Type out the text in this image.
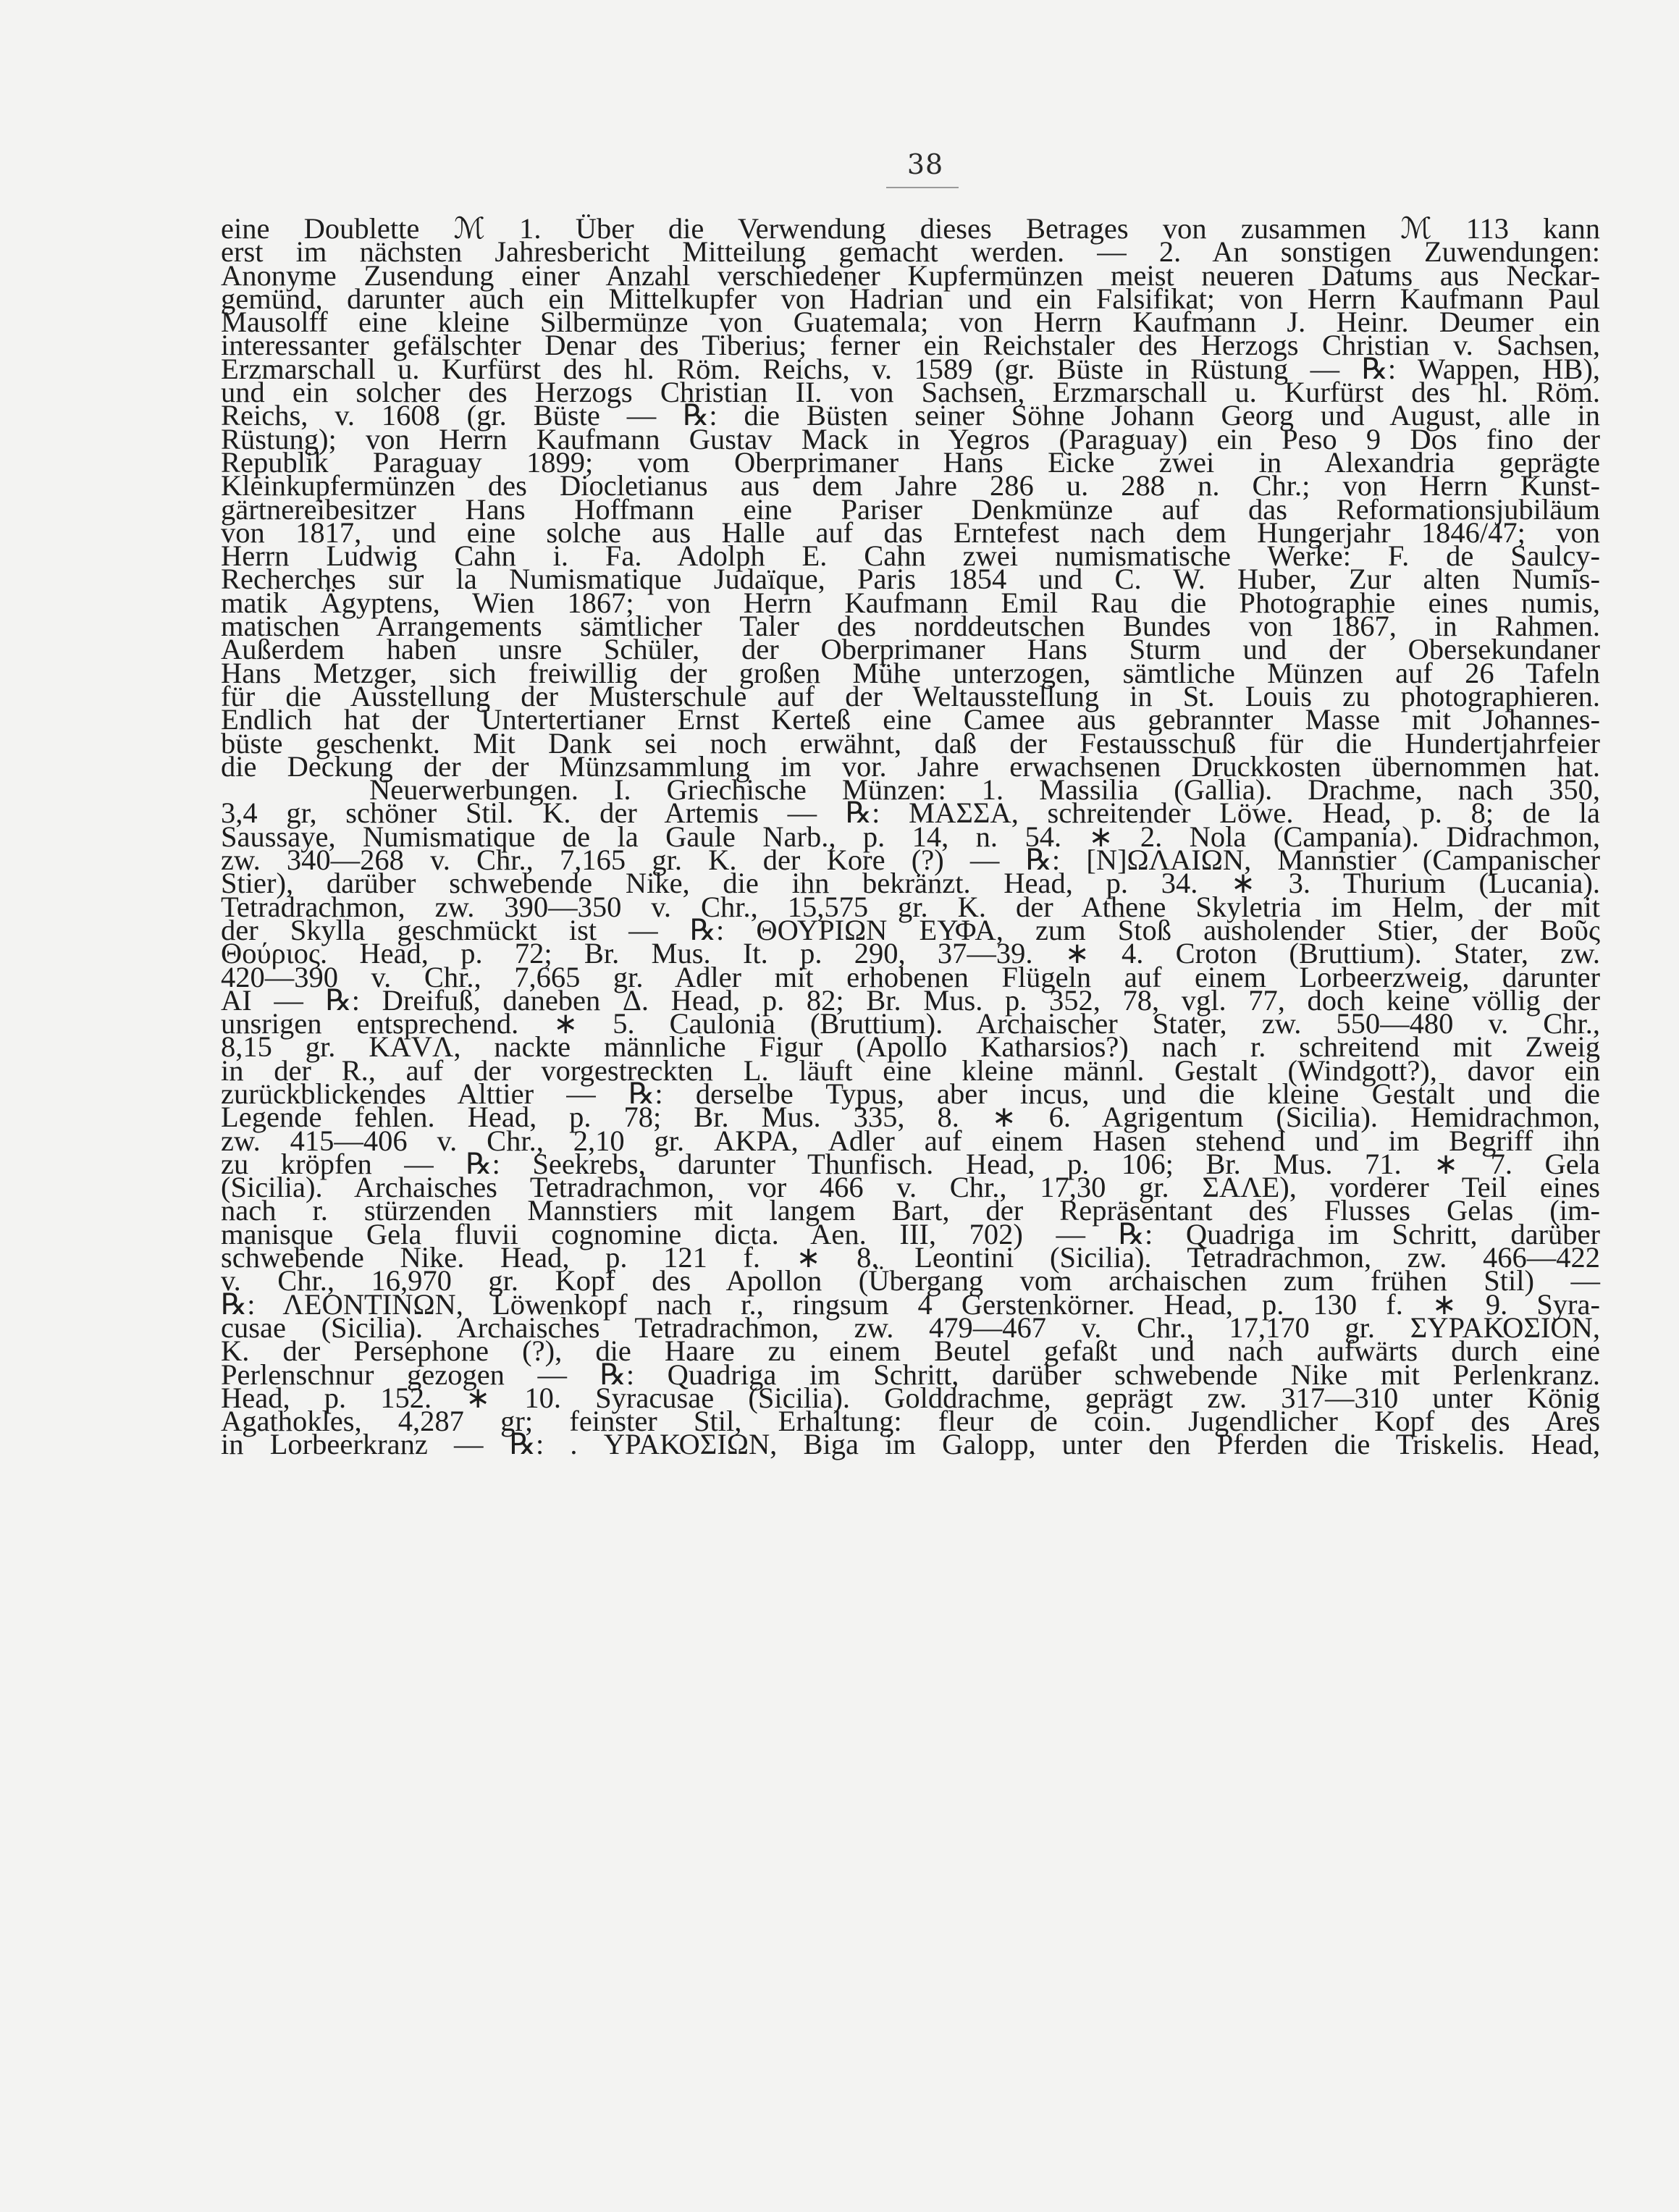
38
eine Doublette ℳ 1. Über die Verwendung dieses Betrages von zusammen ℳ 113 kann
erst im nächsten Jahresbericht Mitteilung gemacht werden. — 2. An sonstigen Zuwendungen:
Anonyme Zusendung einer Anzahl verschiedener Kupfermünzen meist neueren Datums aus Neckar-
gemünd, darunter auch ein Mittelkupfer von Hadrian und ein Falsifikat; von Herrn Kaufmann Paul
Mausolff eine kleine Silbermünze von Guatemala; von Herrn Kaufmann J. Heinr. Deumer ein
interessanter gefälschter Denar des Tiberius; ferner ein Reichstaler des Herzogs Christian v. Sachsen,
Erzmarschall u. Kurfürst des hl. Röm. Reichs, v. 1589 (gr. Büste in Rüstung — ℞: Wappen, HB),
und ein solcher des Herzogs Christian II. von Sachsen, Erzmarschall u. Kurfürst des hl. Röm.
Reichs, v. 1608 (gr. Büste — ℞: die Büsten seiner Söhne Johann Georg und August, alle in
Rüstung); von Herrn Kaufmann Gustav Mack in Yegros (Paraguay) ein Peso 9 Dos fino der
Republik Paraguay 1899; vom Oberprimaner Hans Eicke zwei in Alexandria geprägte
Kleinkupfermünzen des Diocletianus aus dem Jahre 286 u. 288 n. Chr.; von Herrn Kunst-
gärtnereibesitzer Hans Hoffmann eine Pariser Denkmünze auf das Reformationsjubiläum
von 1817, und eine solche aus Halle auf das Erntefest nach dem Hungerjahr 1846/47; von
Herrn Ludwig Cahn i. Fa. Adolph E. Cahn zwei numismatische Werke: F. de Saulcy-
Recherches sur la Numismatique Judaïque, Paris 1854 und C. W. Huber, Zur alten Numis-
matik Ägyptens, Wien 1867; von Herrn Kaufmann Emil Rau die Photographie eines numis,
matischen Arrangements sämtlicher Taler des norddeutschen Bundes von 1867, in Rahmen.
Außerdem haben unsre Schüler, der Oberprimaner Hans Sturm und der Obersekundaner
Hans Metzger, sich freiwillig der großen Mühe unterzogen, sämtliche Münzen auf 26 Tafeln
für die Ausstellung der Musterschule auf der Weltausstellung in St. Louis zu photographieren.
Endlich hat der Untertertianer Ernst Kerteß eine Camee aus gebrannter Masse mit Johannes-
büste geschenkt. Mit Dank sei noch erwähnt, daß der Festausschuß für die Hundertjahrfeier
die Deckung der der Münzsammlung im vor. Jahre erwachsenen Druckkosten übernommen hat.
Neuerwerbungen. I. Griechische Münzen: 1. Massilia (Gallia). Drachme, nach 350,
3,4 gr, schöner Stil. K. der Artemis — ℞: ΜΑΣΣΑ, schreitender Löwe. Head, p. 8; de la
Saussaye, Numismatique de la Gaule Narb., p. 14, n. 54. ∗ 2. Nola (Campania). Didrachmon,
zw. 340—268 v. Chr., 7,165 gr. K. der Kore (?) — ℞: [Ν]ΩΛΑΙΩΝ, Mannstier (Campanischer
Stier), darüber schwebende Nike, die ihn bekränzt. Head, p. 34. ∗ 3. Thurium (Lucania).
Tetradrachmon, zw. 390—350 v. Chr., 15,575 gr. K. der Athene Skyletria im Helm, der mit
der Skylla geschmückt ist — ℞: ΘΟΥΡΙΩΝ ΕΥΦΑ, zum Stoß ausholender Stier, der Βοῦς
Θούριος. Head, p. 72; Br. Mus. It. p. 290, 37—39. ∗ 4. Croton (Bruttium). Stater, zw.
420—390 v. Chr., 7,665 gr. Adler mit erhobenen Flügeln auf einem Lorbeerzweig, darunter
ΑΙ — ℞: Dreifuß, daneben Δ. Head, p. 82; Br. Mus. p. 352, 78, vgl. 77, doch keine völlig der
unsrigen entsprechend. ∗ 5. Caulonia (Bruttium). Archaischer Stater, zw. 550—480 v. Chr.,
8,15 gr. ΚΑVΛ, nackte männliche Figur (Apollo Katharsios?) nach r. schreitend mit Zweig
in der R., auf der vorgestreckten L. läuft eine kleine männl. Gestalt (Windgott?), davor ein
zurückblickendes Alttier — ℞: derselbe Typus, aber incus, und die kleine Gestalt und die
Legende fehlen. Head, p. 78; Br. Mus. 335, 8. ∗ 6. Agrigentum (Sicilia). Hemidrachmon,
zw. 415—406 v. Chr., 2,10 gr. ΑΚΡΑ, Adler auf einem Hasen stehend und im Begriff ihn
zu kröpfen — ℞: Seekrebs, darunter Thunfisch. Head, p. 106; Br. Mus. 71. ∗ 7. Gela
(Sicilia). Archaisches Tetradrachmon, vor 466 v. Chr., 17,30 gr. ΣΑΛΕ), vorderer Teil eines
nach r. stürzenden Mannstiers mit langem Bart, der Repräsentant des Flusses Gelas (im-
manisque Gela fluvii cognomine dicta. Aen. III, 702) — ℞: Quadriga im Schritt, darüber
schwebende Nike. Head, p. 121 f. ∗ 8. Leontini (Sicilia). Tetradrachmon, zw. 466—422
v. Chr., 16,970 gr. Kopf des Apollon (Übergang vom archaischen zum frühen Stil) —
℞: ΛΕΟΝΤΙΝΩΝ, Löwenkopf nach r., ringsum 4 Gerstenkörner. Head, p. 130 f. ∗ 9. Syra-
cusae (Sicilia). Archaisches Tetradrachmon, zw. 479—467 v. Chr., 17,170 gr. ΣΥΡΑΚΟΣΙΟΝ,
K. der Persephone (?), die Haare zu einem Beutel gefaßt und nach aufwärts durch eine
Perlenschnur gezogen — ℞: Quadriga im Schritt, darüber schwebende Nike mit Perlenkranz.
Head, p. 152. ∗ 10. Syracusae (Sicilia). Golddrachme, geprägt zw. 317—310 unter König
Agathokles, 4,287 gr; feinster Stil, Erhaltung: fleur de coin. Jugendlicher Kopf des Ares
in Lorbeerkranz — ℞: . ΥΡΑΚΟΣΙΩΝ, Biga im Galopp, unter den Pferden die Triskelis. Head,
